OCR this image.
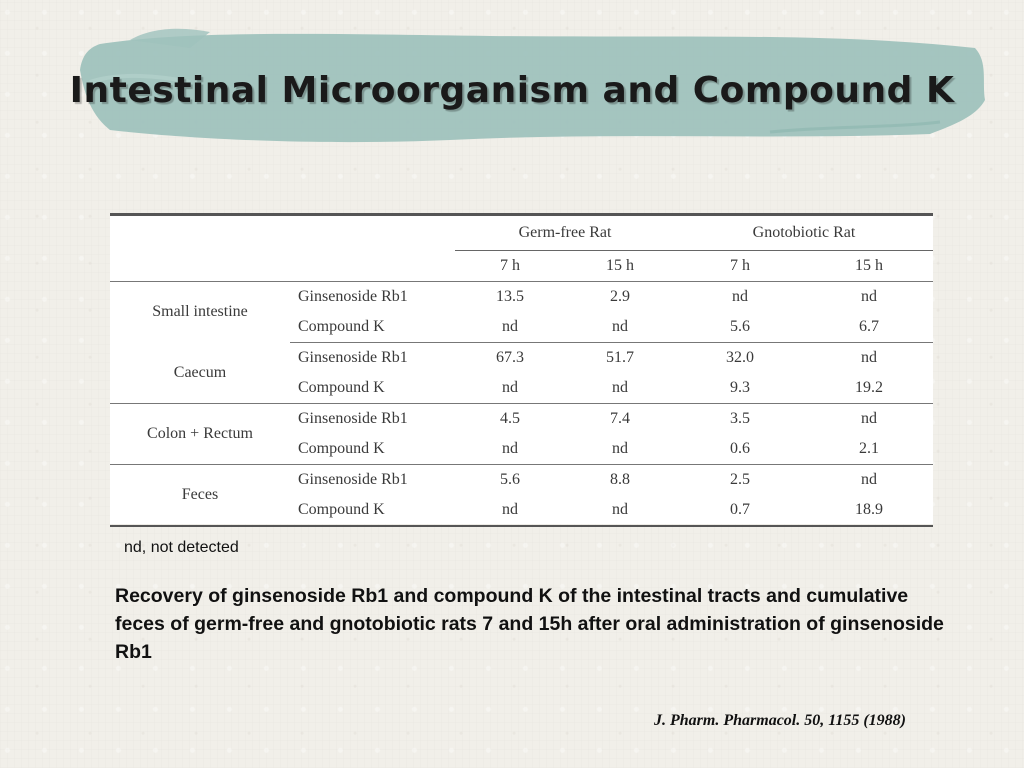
Intestinal Microorganism and Compound K

		Germ-free Rat		Gnotobiotic Rat	
		7 h	15 h	7 h	15 h
Small intestine	Ginsenoside Rb1	13.5	2.9	nd	nd
	Compound K	nd	nd	5.6	6.7
Caecum	Ginsenoside Rb1	67.3	51.7	32.0	nd
	Compound K	nd	nd	9.3	19.2
Colon + Rectum	Ginsenoside Rb1	4.5	7.4	3.5	nd
	Compound K	nd	nd	0.6	2.1
Feces	Ginsenoside Rb1	5.6	8.8	2.5	nd
	Compound K	nd	nd	0.7	18.9
nd, not detected
Recovery of ginsenoside Rb1 and compound K of the intestinal tracts and cumulative feces of germ-free and gnotobiotic rats 7 and 15h after oral administration of ginsenoside Rb1
J. Pharm. Pharmacol. 50, 1155 (1988)
